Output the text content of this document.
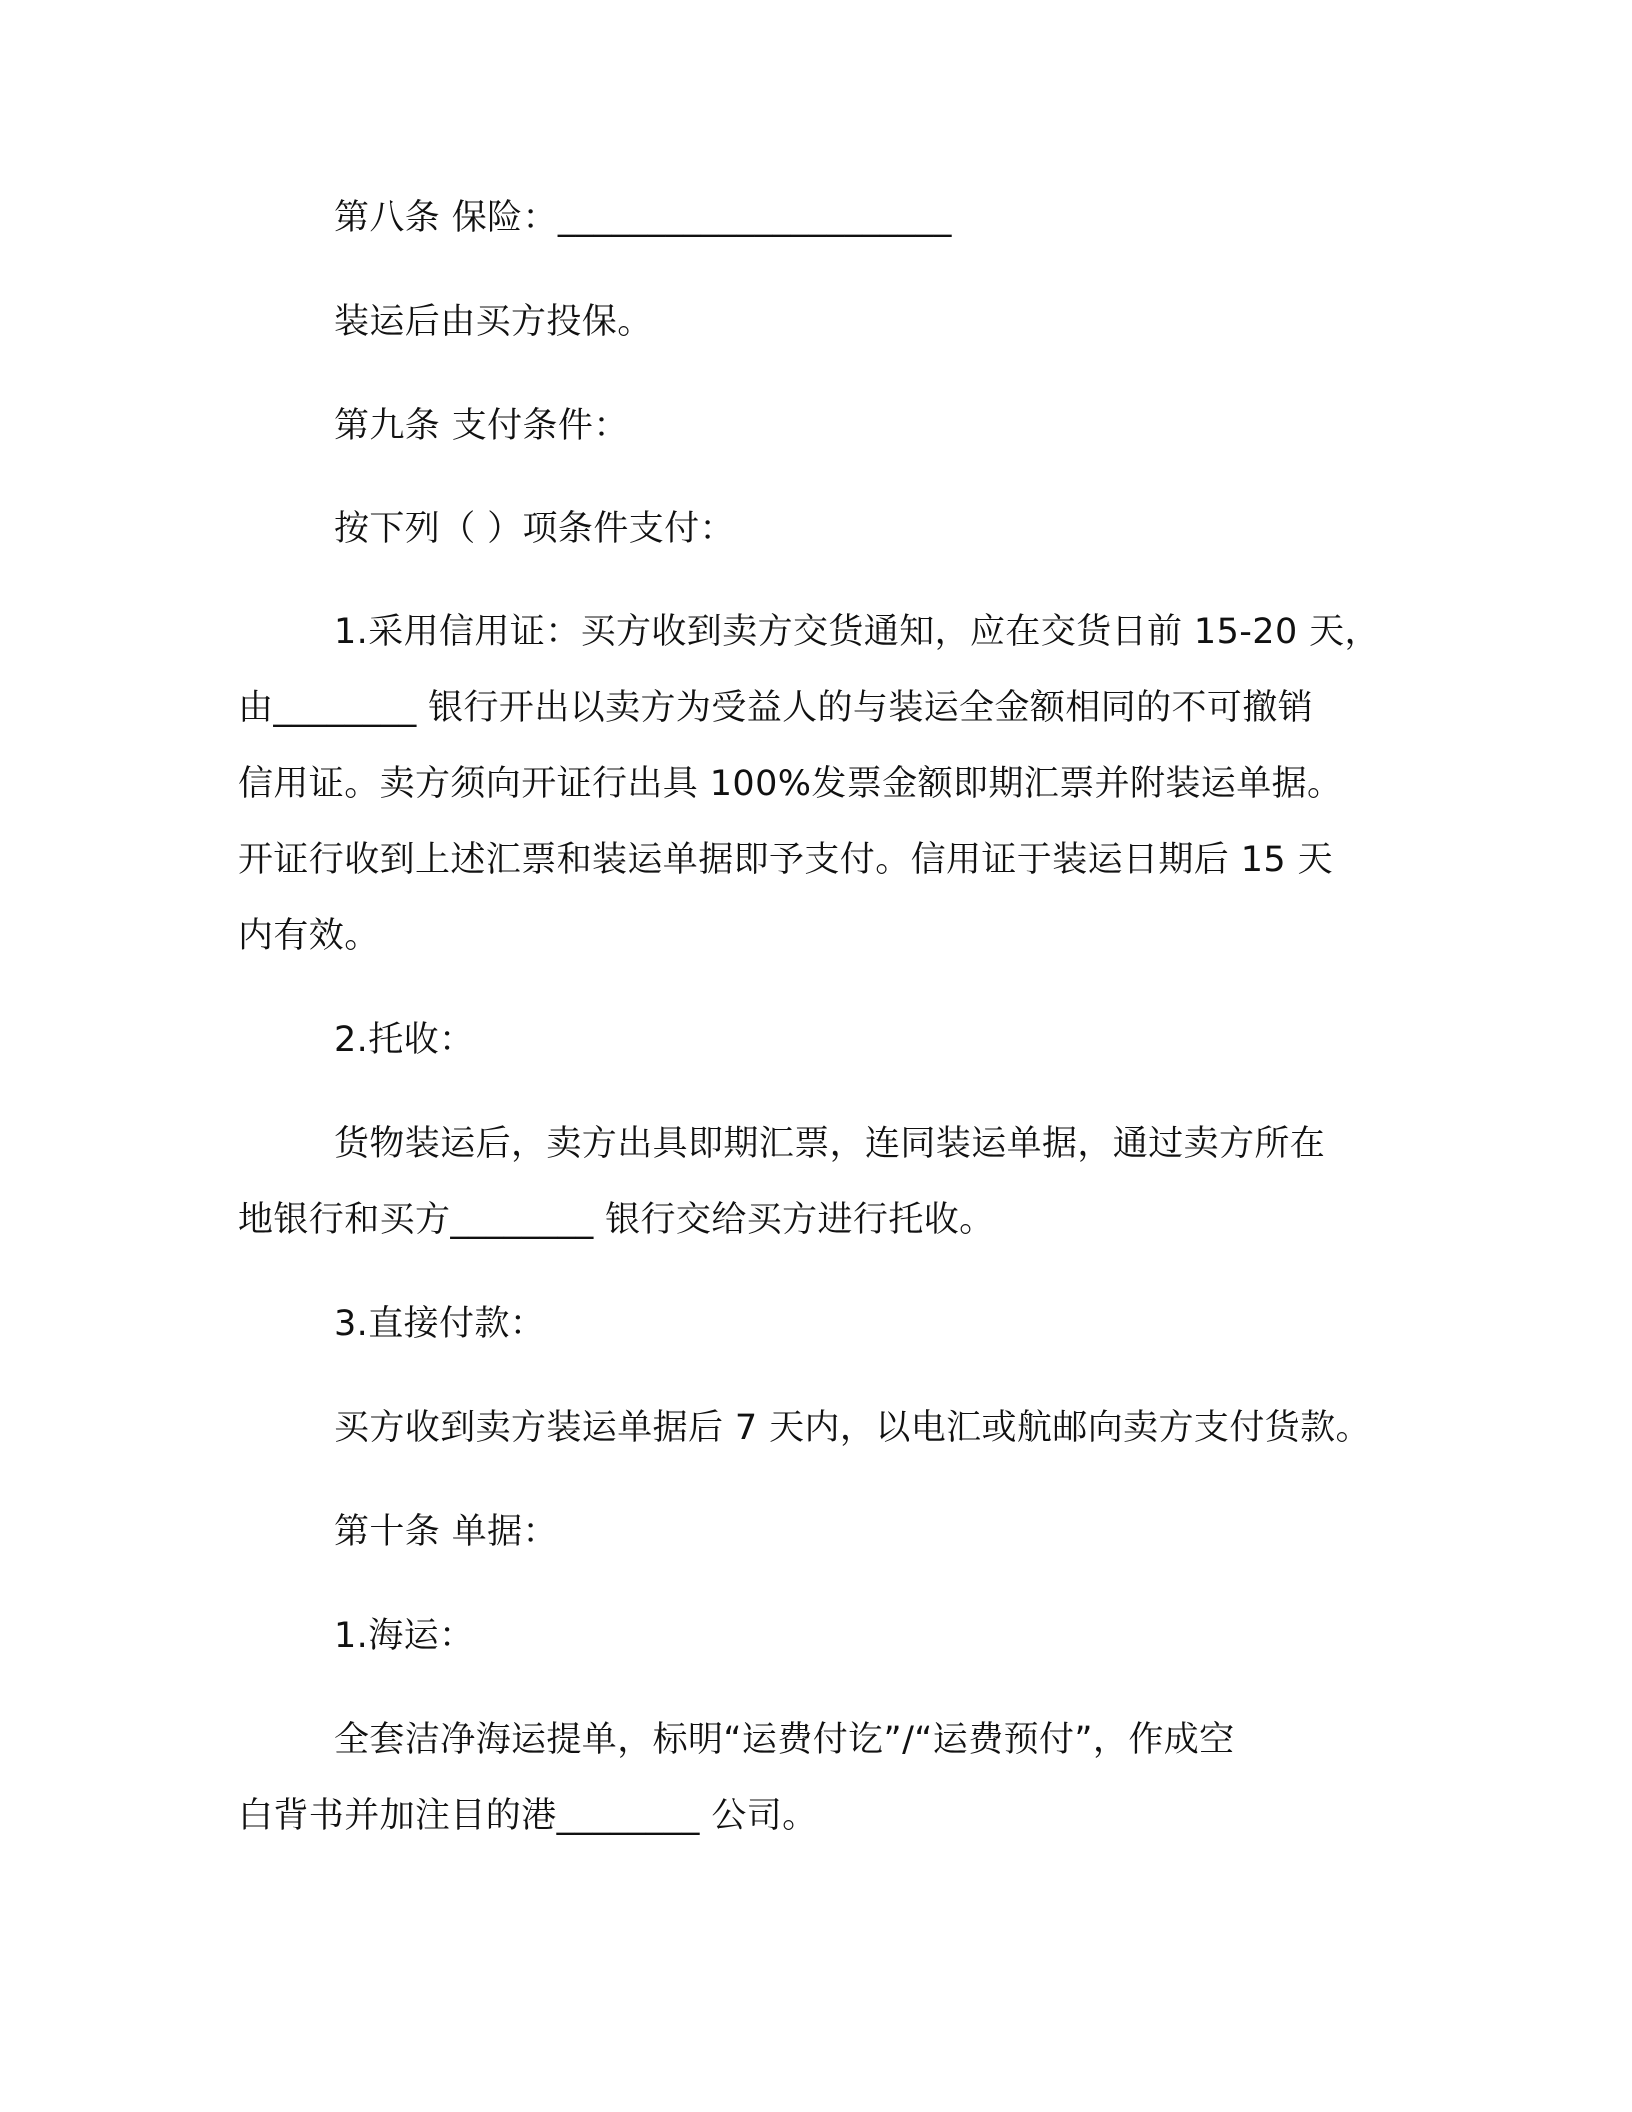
第八条 保险：______________________
装运后由买方投保。
第九条 支付条件：
按下列（ ）项条件支付：
1.采用信用证：买方收到卖方交货通知，应在交货日前 15-20 天，
由________ 银行开出以卖方为受益人的与装运全金额相同的不可撤销
信用证。卖方须向开证行出具 100%发票金额即期汇票并附装运单据。
开证行收到上述汇票和装运单据即予支付。信用证于装运日期后 15 天
内有效。
2.托收：
货物装运后，卖方出具即期汇票，连同装运单据，通过卖方所在
地银行和买方________ 银行交给买方进行托收。
3.直接付款：
买方收到卖方装运单据后 7 天内，以电汇或航邮向卖方支付货款。
第十条 单据：
1.海运：
全套洁净海运提单，标明“运费付讫”/“运费预付”，作成空
白背书并加注目的港________ 公司。
